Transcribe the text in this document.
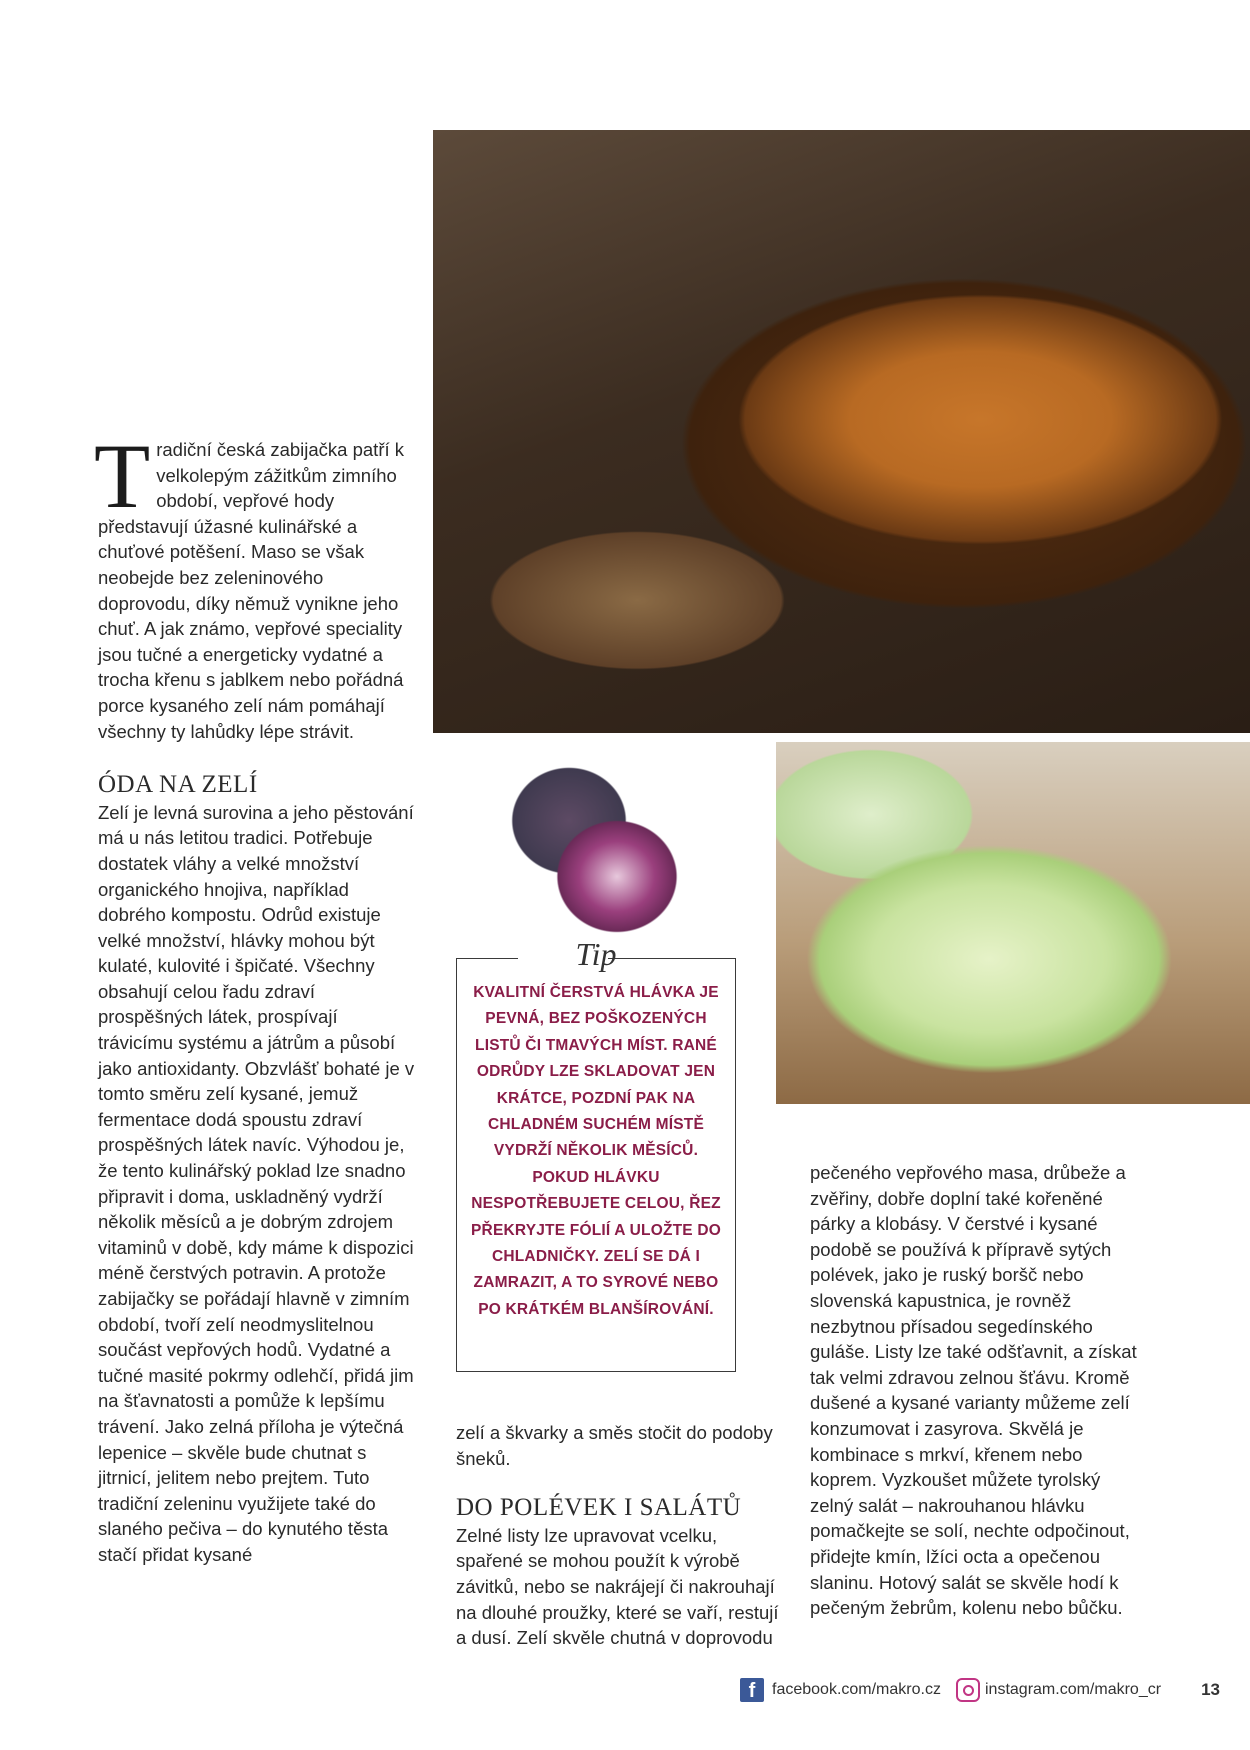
T radiční česká zabijačka patří k velkolepým zážitkům zimního období, vepřové hody představují úžasné kulinářské a chuťové potěšení. Maso se však neobejde bez zeleninového doprovodu, díky němuž vynikne jeho chuť. A jak známo, vepřové speciality jsou tučné a energeticky vydatné a trocha křenu s jablkem nebo pořádná porce kysaného zelí nám pomáhají všechny ty lahůdky lépe strávit.

ÓDA NA ZELÍ

Zelí je levná surovina a jeho pěstování má u nás letitou tradici. Potřebuje dostatek vláhy a velké množství organického hnojiva, například dobrého kompostu. Odrůd existuje velké množství, hlávky mohou být kulaté, kulovité i špičaté. Všechny obsahují celou řadu zdraví prospěšných látek, prospívají trávicímu systému a játrům a působí jako antioxidanty. Obzvlášť bohaté je v tomto směru zelí kysané, jemuž fermentace dodá spoustu zdraví prospěšných látek navíc. Výhodou je, že tento kulinářský poklad lze snadno připravit i doma, uskladněný vydrží několik měsíců a je dobrým zdrojem vitaminů v době, kdy máme k dispozici méně čerstvých potravin. A protože zabijačky se pořádají hlavně v zimním období, tvoří zelí neodmyslitelnou součást vepřových hodů. Vydatné a tučné masité pokrmy odlehčí, přidá jim na šťavnatosti a pomůže k lepšímu trávení. Jako zelná příloha je výtečná lepenice – skvěle bude chutnat s jitrnicí, jelitem nebo prejtem. Tuto tradiční zeleninu využijete také do slaného pečiva – do kynutého těsta stačí přidat kysané

Tip
KVALITNÍ ČERSTVÁ HLÁVKA JE PEVNÁ, BEZ POŠKOZENÝCH LISTŮ ČI TMAVÝCH MÍST. RANÉ ODRŮDY LZE SKLADOVAT JEN KRÁTCE, POZDNÍ PAK NA CHLADNÉM SUCHÉM MÍSTĚ VYDRŽÍ NĚKOLIK MĚSÍCŮ. POKUD HLÁVKU NESPOTŘEBUJETE CELOU, ŘEZ PŘEKRYJTE FÓLIÍ A ULOŽTE DO CHLADNIČKY. ZELÍ SE DÁ I ZAMRAZIT, A TO SYROVÉ NEBO PO KRÁTKÉM BLANŠÍROVÁNÍ.

zelí a škvarky a směs stočit do podoby šneků.

DO POLÉVEK I SALÁTŮ

Zelné listy lze upravovat vcelku, spařené se mohou použít k výrobě závitků, nebo se nakrájejí či nakrouhají na dlouhé proužky, které se vaří, restují a dusí. Zelí skvěle chutná v doprovodu

pečeného vepřového masa, drůbeže a zvěřiny, dobře doplní také kořeněné párky a klobásy. V čerstvé i kysané podobě se používá k přípravě sytých polévek, jako je ruský boršč nebo slovenská kapustnica, je rovněž nezbytnou přísadou segedínského guláše. Listy lze také odšťavnit, a získat tak velmi zdravou zelnou šťávu. Kromě dušené a kysané varianty můžeme zelí konzumovat i zasyrova. Skvělá je kombinace s mrkví, křenem nebo koprem. Vyzkoušet můžete tyrolský zelný salát – nakrouhanou hlávku pomačkejte se solí, nechte odpočinout, přidejte kmín, lžíci octa a opečenou slaninu. Hotový salát se skvěle hodí k pečeným žebrům, kolenu nebo bůčku.

f	facebook.com/makro.cz	instagram.com/makro_cr 13
